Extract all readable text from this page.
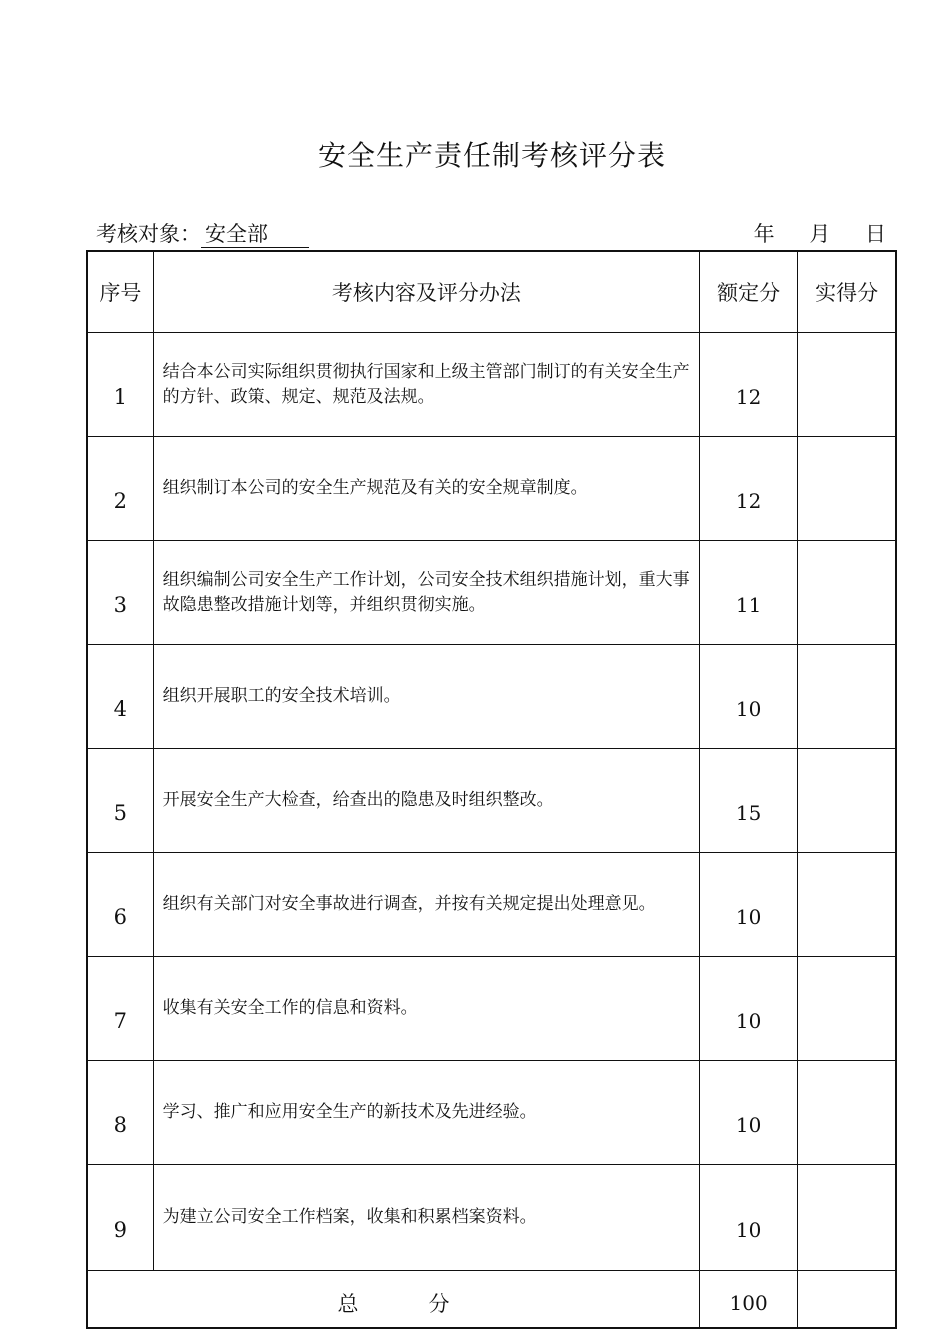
安全生产责任制考核评分表
考核对象： 安全部	年 月 日
序号	考核内容及评分办法	额定分	实得分
1	结合本公司实际组织贯彻执行国家和上级主管部门制订的有关安全生产的方针、政策、规定、规范及法规。	12	
2	组织制订本公司的安全生产规范及有关的安全规章制度。	12	
3	组织编制公司安全生产工作计划，公司安全技术组织措施计划，重大事故隐患整改措施计划等，并组织贯彻实施。	11	
4	组织开展职工的安全技术培训。	10	
5	开展安全生产大检查，给查出的隐患及时组织整改。	15	
6	组织有关部门对安全事故进行调查，并按有关规定提出处理意见。	10	
7	收集有关安全工作的信息和资料。	10	
8	学习、推广和应用安全生产的新技术及先进经验。	10	
9	为建立公司安全工作档案，收集和积累档案资料。	10	
总 分		100	
